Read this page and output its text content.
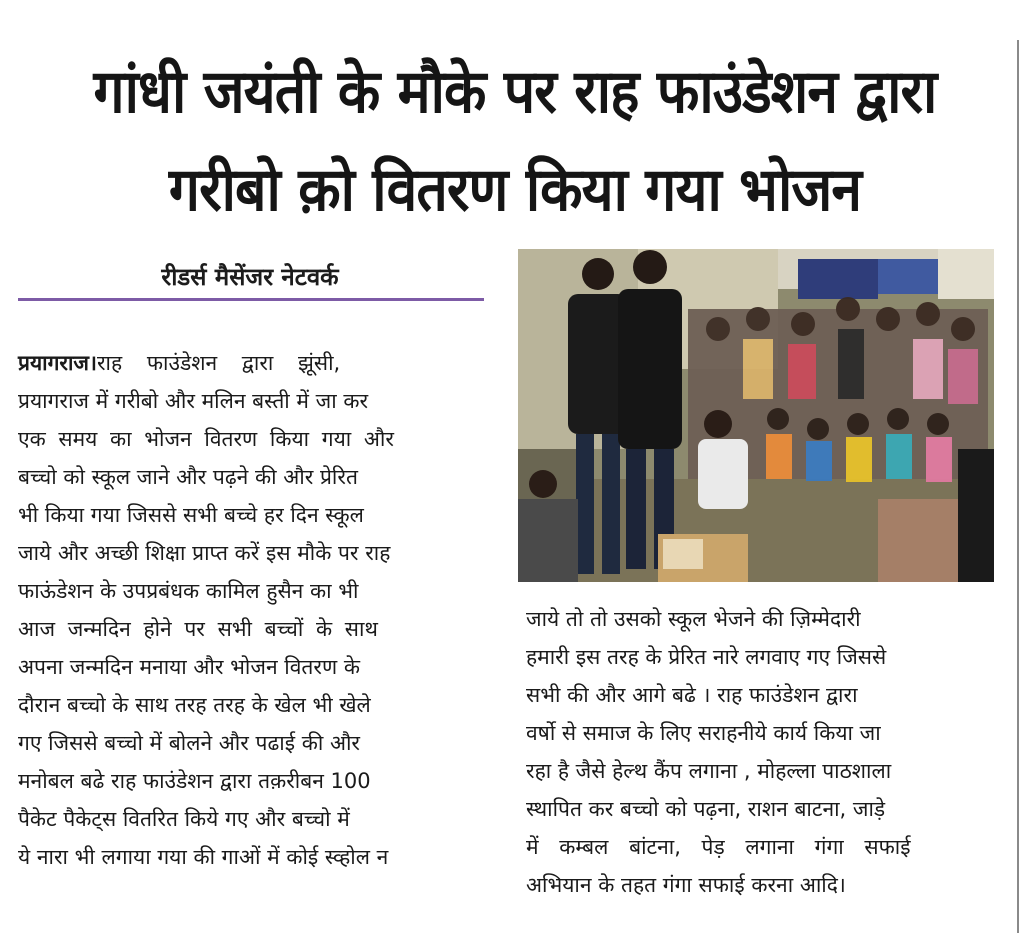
गांधी जयंती के मौके पर राह फाउंडेशन द्वारा
गरीबो क़ो वितरण किया गया भोजन
रीडर्स मैसेंजर नेटवर्क
प्रयागराज। राह फाउंडेशन द्वारा झूंसी,
प्रयागराज में गरीबो और मलिन बस्ती में जा कर
एक समय का भोजन वितरण किया गया और
बच्चो को स्कूल जाने और पढ़ने की और प्रेरित
भी किया गया जिससे सभी बच्चे हर दिन स्कूल
जाये और अच्छी शिक्षा प्राप्त करें इस मौके पर राह
फाऊंडेशन के उपप्रबंधक कामिल हुसैन का भी
आज जन्मदिन होने पर सभी बच्चों के साथ
अपना जन्मदिन मनाया और भोजन वितरण के
दौरान बच्चो के साथ तरह तरह के खेल भी खेले
गए जिससे बच्चो में बोलने और पढाई की और
मनोबल बढे राह फाउंडेशन द्वारा तक़रीबन 100
पैकेट पैकेट्स वितरित किये गए और बच्चो में
ये नारा भी लगाया गया की गाओं में कोई स्व्होल न
जाये तो तो उसको स्कूल भेजने की ज़िम्मेदारी
हमारी इस तरह के प्रेरित नारे लगवाए गए जिससे
सभी की और आगे बढे । राह फाउंडेशन द्वारा
वर्षो से समाज के लिए सराहनीये कार्य किया जा
रहा है जैसे हेल्थ कैंप लगाना , मोहल्ला पाठशाला
स्थापित कर बच्चो को पढ़ना, राशन बाटना, जाड़े
में कम्बल बांटना, पेड़ लगाना गंगा सफाई
अभियान के तहत गंगा सफाई करना आदि।
